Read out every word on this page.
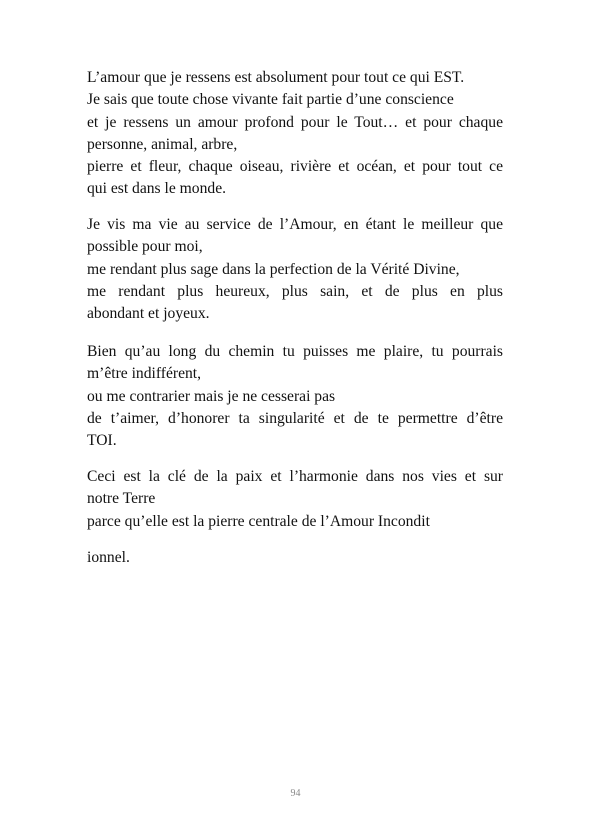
L’amour que je ressens est absolument pour tout ce qui EST.
Je sais que toute chose vivante fait partie d’une conscience
et je ressens un amour profond pour le Tout… et pour chaque
personne, animal, arbre,
pierre et fleur, chaque oiseau, rivière et océan, et pour tout ce
qui est dans le monde.

Je vis ma vie au service de l’Amour, en étant le meilleur que
possible pour moi,
me rendant plus sage dans la perfection de la Vérité Divine,
me rendant plus heureux, plus sain, et de plus en plus
abondant et joyeux.

Bien qu’au long du chemin tu puisses me plaire, tu pourrais
m’être indifférent,
ou me contrarier mais je ne cesserai pas
de t’aimer, d’honorer ta singularité et de te permettre d’être
TOI.

Ceci est la clé de la paix et l’harmonie dans nos vies et sur
notre Terre
parce qu’elle est la pierre centrale de l’Amour Incondit

ionnel.

94
